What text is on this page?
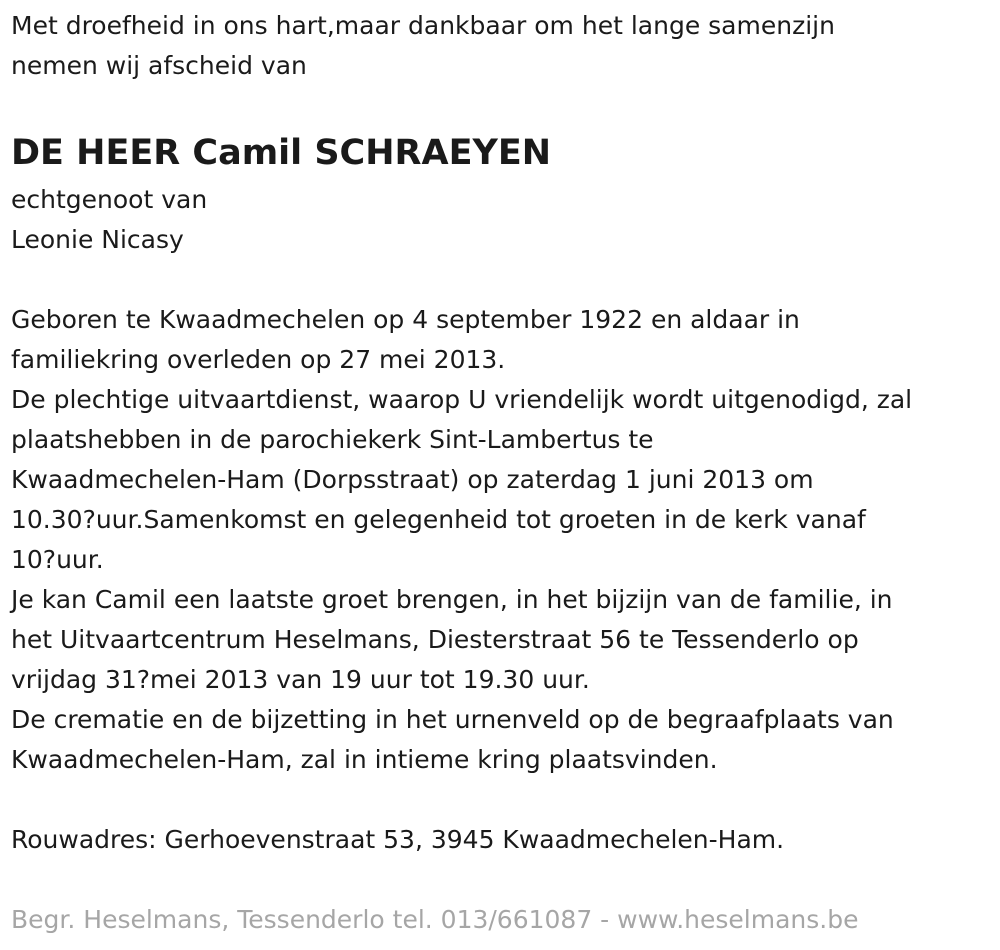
Met droefheid in ons hart,maar dankbaar om het lange samenzijn

nemen wij afscheid van

DE HEER Camil SCHRAEYEN

echtgenoot van

Leonie Nicasy

Geboren te Kwaadmechelen op 4 september 1922 en aldaar in

familiekring overleden op 27 mei 2013.

De plechtige uitvaartdienst, waarop U vriendelijk wordt uitgenodigd, zal

plaatshebben in de parochiekerk Sint-Lambertus te

Kwaadmechelen-Ham (Dorpsstraat) op zaterdag 1 juni 2013 om

10.30?uur.Samenkomst en gelegenheid tot groeten in de kerk vanaf

10?uur.

Je kan Camil een laatste groet brengen, in het bijzijn van de familie, in

het Uitvaartcentrum Heselmans, Diesterstraat 56 te Tessenderlo op

vrijdag 31?mei 2013 van 19 uur tot 19.30 uur.

De crematie en de bijzetting in het urnenveld op de begraafplaats van

Kwaadmechelen-Ham, zal in intieme kring plaatsvinden.

Rouwadres: Gerhoevenstraat 53, 3945 Kwaadmechelen-Ham.

Begr. Heselmans, Tessenderlo tel. 013/661087 - www.heselmans.be
